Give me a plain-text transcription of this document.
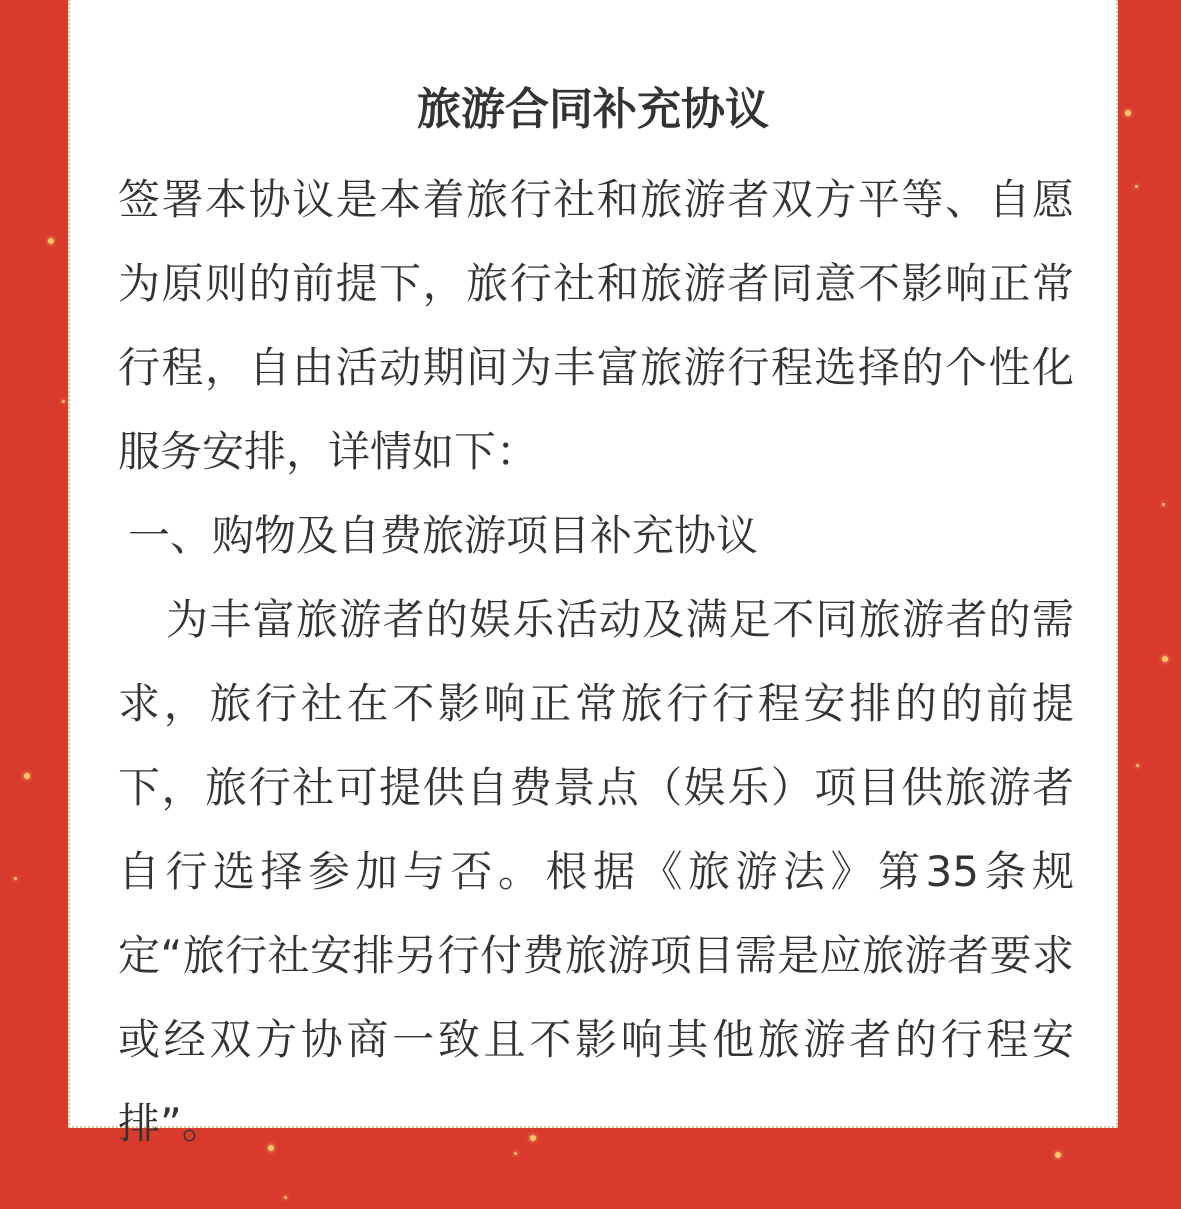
旅游合同补充协议

签署本协议是本着旅行社和旅游者双方平等、自愿为原则的前提下，旅行社和旅游者同意不影响正常行程，自由活动期间为丰富旅游行程选择的个性化服务安排，详情如下：

一、购物及自费旅游项目补充协议

为丰富旅游者的娱乐活动及满足不同旅游者的需求，旅行社在不影响正常旅行行程安排的的前提下，旅行社可提供自费景点（娱乐）项目供旅游者自行选择参加与否。根据《旅游法》第35条规定“旅行社安排另行付费旅游项目需是应旅游者要求或经双方协商一致且不影响其他旅游者的行程安排”。
